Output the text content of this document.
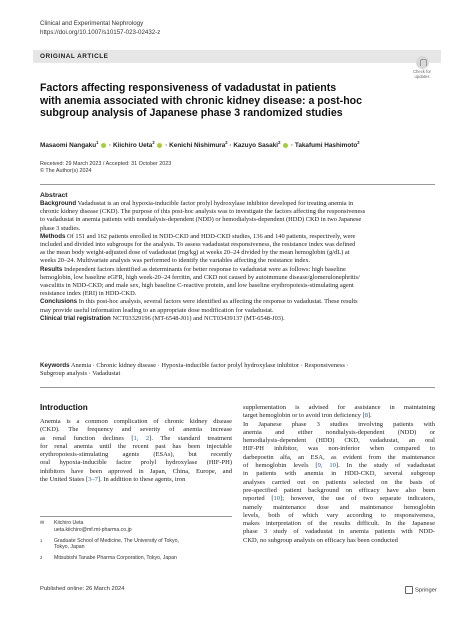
Clinical and Experimental Nephrology
https://doi.org/10.1007/s10157-023-02432-z
ORIGINAL ARTICLE
Check for
updates
Factors affecting responsiveness of vadadustat in patients
with anemia associated with chronic kidney disease: a post-hoc
subgroup analysis of Japanese phase 3 randomized studies
Masaomi Nangaku$^1$  · Kiichiro Ueta$^2$  · Kenichi Nishimura$^2$ · Kazuyo Sasaki$^2$  · Takafumi Hashimoto$^2$
Received: 29 March 2023 / Accepted: 31 October 2023
© The Author(s) 2024
Abstract
Background Vadadustat is an oral hypoxia-inducible factor prolyl hydroxylase inhibitor developed for treating anemia in
chronic kidney disease (CKD). The purpose of this post-hoc analysis was to investigate the factors affecting the responsiveness
to vadadustat in anemia patients with nondialysis-dependent (NDD) or hemodialysis-dependent (HDD) CKD in two Japanese
phase 3 studies.
Methods Of 151 and 162 patients enrolled in NDD-CKD and HDD-CKD studies, 136 and 140 patients, respectively, were
included and divided into subgroups for the analysis. To assess vadadustat responsiveness, the resistance index was defined
as the mean body weight-adjusted dose of vadadustat (mg/kg) at weeks 20–24 divided by the mean hemoglobin (g/dL) at
weeks 20–24. Multivariate analysis was performed to identify the variables affecting the resistance index.
Results Independent factors identified as determinants for better response to vadadustat were as follows: high baseline
hemoglobin, low baseline eGFR, high week-20–24 ferritin, and CKD not caused by autoimmune disease/glomerulonephritis/
vasculitis in NDD-CKD; and male sex, high baseline C-reactive protein, and low baseline erythropoiesis-stimulating agent
resistance index (ERI) in HDD-CKD.
Conclusions In this post-hoc analysis, several factors were identified as affecting the response to vadadustat. These results
may provide useful information leading to an appropriate dose modification for vadadustat.
Clinical trial registration NCT03329196 (MT-6548-J01) and NCT03439137 (MT-6548-J03).
Keywords Anemia · Chronic kidney disease · Hypoxia-inducible factor prolyl hydroxylase inhibitor · Responsiveness ·
Subgroup analysis · Vadadustat
Introduction
Anemia is a common complication of chronic kidney disease
(CKD). The frequency and severity of anemia increase
as renal function declines [1, 2]. The standard treatment
for renal anemia until the recent past has been injectable
erythropoiesis-stimulating agents (ESAs), but recently
oral hypoxia-inducible factor prolyl hydroxylase (HIF-PH)
inhibitors have been approved in Japan, China, Europe, and
the United States [3–7]. In addition to these agents, iron
supplementation is advised for assistance in maintaining
target hemoglobin or to avoid iron deficiency [8].
In Japanese phase 3 studies involving patients with
anemia and either nondialysis-dependent (NDD) or
hemodialysis-dependent (HDD) CKD, vadadustat, an oral
HIF-PH inhibitor, was non-inferior when compared to
darbepoetin alfa, an ESA, as evident from the maintenance
of hemoglobin levels [9, 10]. In the study of vadadustat
in patients with anemia in HDD-CKD, several subgroup
analyses carried out on patients selected on the basis of
pre-specified patient background on efficacy have also been
reported [10]; however, the use of two separate indicators,
namely maintenance dose and maintenance hemoglobin
levels, both of which vary according to responsiveness,
makes interpretation of the results difficult. In the Japanese
phase 3 study of vadadustat in anemia patients with NDD-
CKD, no subgroup analysis on efficacy has been conducted
✉	Kiichiro Ueta
ueta.kiichiro@mf.mt-pharma.co.jp
1	Graduate School of Medicine, The University of Tokyo,
Tokyo, Japan
2	Mitsubishi Tanabe Pharma Corporation, Tokyo, Japan
Published online: 26 March 2024	Springer
